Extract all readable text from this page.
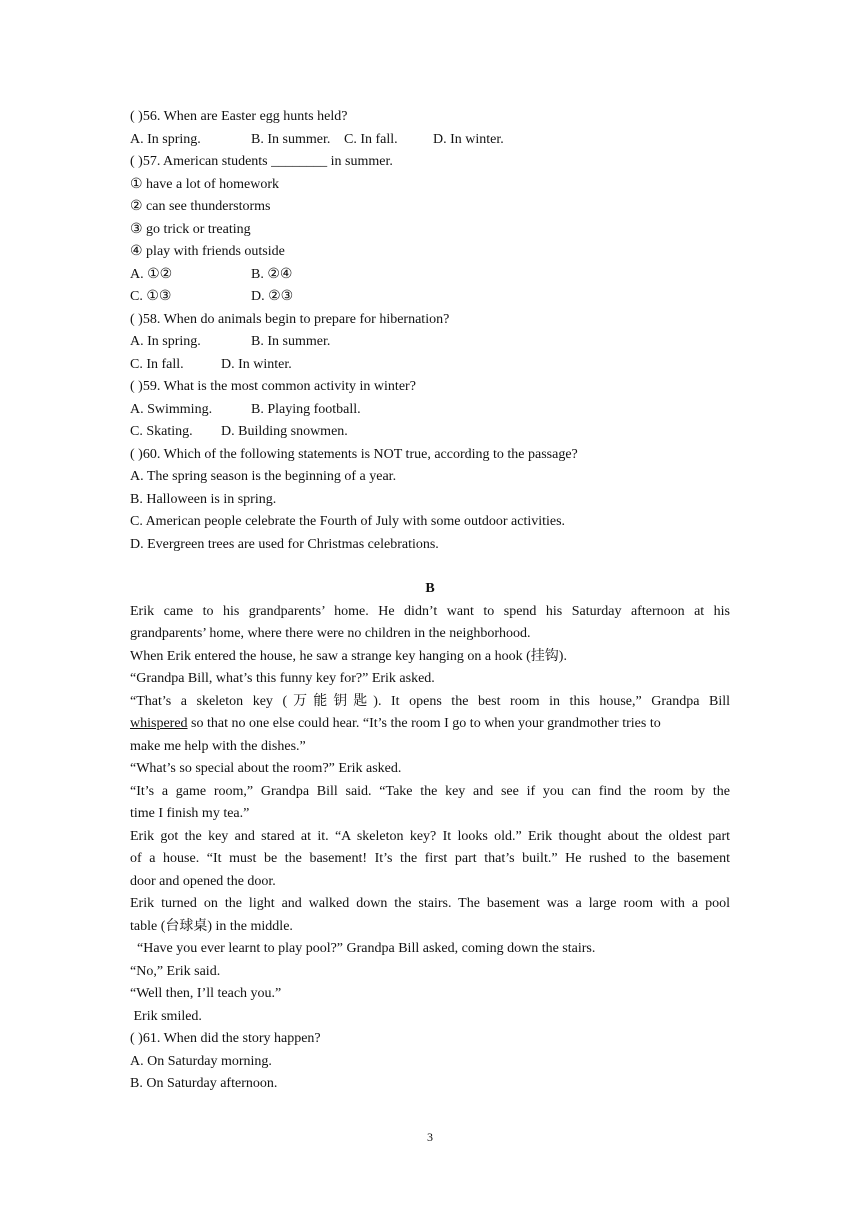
( )56. When are Easter egg hunts held?
A. In spring.	B. In summer. C. In fall.	D. In winter.
( )57. American students ________ in summer.
① have a lot of homework
② can see thunderstorms
③ go trick or treating
④ play with friends outside
A. ①②	B. ②④
C. ①③	D. ②③
( )58. When do animals begin to prepare for hibernation?
A. In spring.	B. In summer.
C. In fall.	D. In winter.
( )59. What is the most common activity in winter?
A. Swimming.	B. Playing football.
C. Skating. D. Building snowmen.
( )60. Which of the following statements is NOT true, according to the passage?
A. The spring season is the beginning of a year.
B. Halloween is in spring.
C. American people celebrate the Fourth of July with some outdoor activities.
D. Evergreen trees are used for Christmas celebrations.
B
Erik came to his grandparents’ home. He didn’t want to spend his Saturday afternoon at his
grandparents’ home, where there were no children in the neighborhood.
When Erik entered the house, he saw a strange key hanging on a hook (挂钩).
“Grandpa Bill, what’s this funny key for?” Erik asked.
“That’s a skeleton key (万能钥匙). It opens the best room in this house,” Grandpa Bill
whispered so that no one else could hear. “It’s the room I go to when your grandmother tries to
make me help with the dishes.”
“What’s so special about the room?” Erik asked.
“It’s a game room,” Grandpa Bill said. “Take the key and see if you can find the room by the
time I finish my tea.”
Erik got the key and stared at it. “A skeleton key? It looks old.” Erik thought about the oldest part
of a house. “It must be the basement! It’s the first part that’s built.” He rushed to the basement
door and opened the door.
Erik turned on the light and walked down the stairs. The basement was a large room with a pool
table (台球桌) in the middle.
“Have you ever learnt to play pool?” Grandpa Bill asked, coming down the stairs.
“No,” Erik said.
“Well then, I’ll teach you.”
Erik smiled.
( )61. When did the story happen?
A. On Saturday morning.
B. On Saturday afternoon.
3
